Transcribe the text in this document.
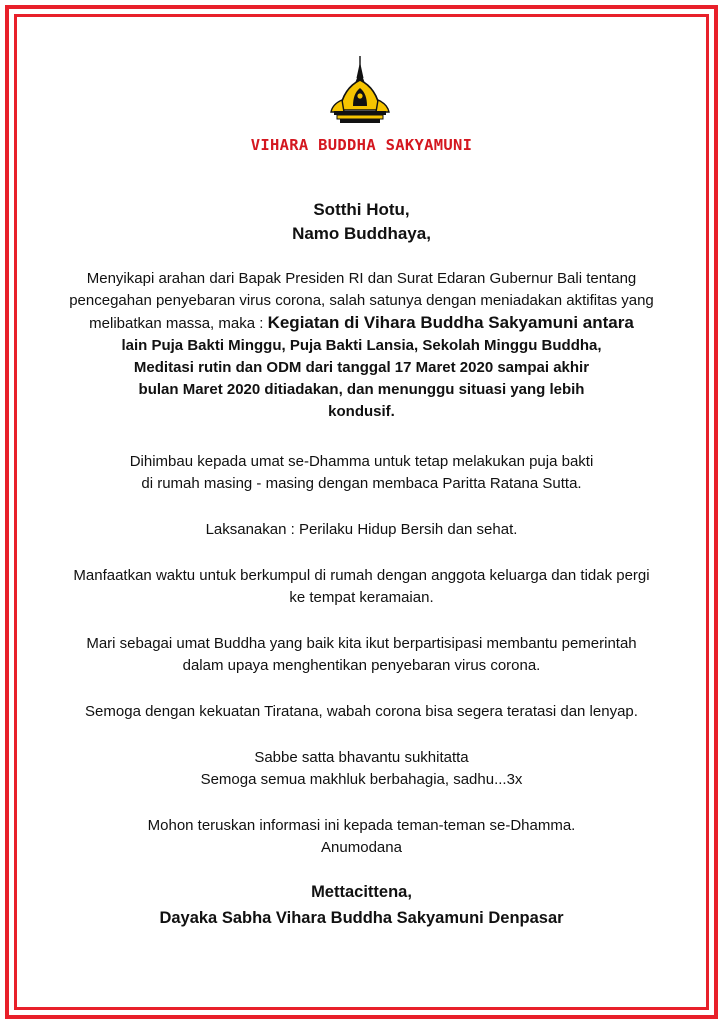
VIHARA BUDDHA SAKYAMUNI

Sotthi Hotu,

Namo Buddhaya,

Menyikapi arahan dari Bapak Presiden RI dan Surat Edaran Gubernur Bali tentang

pencegahan penyebaran virus corona, salah satunya dengan meniadakan aktifitas yang

melibatkan massa, maka : Kegiatan di Vihara Buddha Sakyamuni antara

lain Puja Bakti Minggu, Puja Bakti Lansia, Sekolah Minggu Buddha,

Meditasi rutin dan ODM dari tanggal 17 Maret 2020 sampai akhir

bulan Maret 2020 ditiadakan, dan menunggu situasi yang lebih

kondusif.

Dihimbau kepada umat se-Dhamma untuk tetap melakukan puja bakti

di rumah masing - masing dengan membaca Paritta Ratana Sutta.

Laksanakan : Perilaku Hidup Bersih dan sehat.

Manfaatkan waktu untuk berkumpul di rumah dengan anggota keluarga dan tidak pergi

ke tempat keramaian.

Mari sebagai umat Buddha yang baik kita ikut berpartisipasi membantu pemerintah

dalam upaya menghentikan penyebaran virus corona.

Semoga dengan kekuatan Tiratana, wabah corona bisa segera teratasi dan lenyap.

Sabbe satta bhavantu sukhitatta

Semoga semua makhluk berbahagia, sadhu...3x

Mohon teruskan informasi ini kepada teman-teman se-Dhamma.

Anumodana

Mettacittena,

Dayaka Sabha Vihara Buddha Sakyamuni Denpasar
